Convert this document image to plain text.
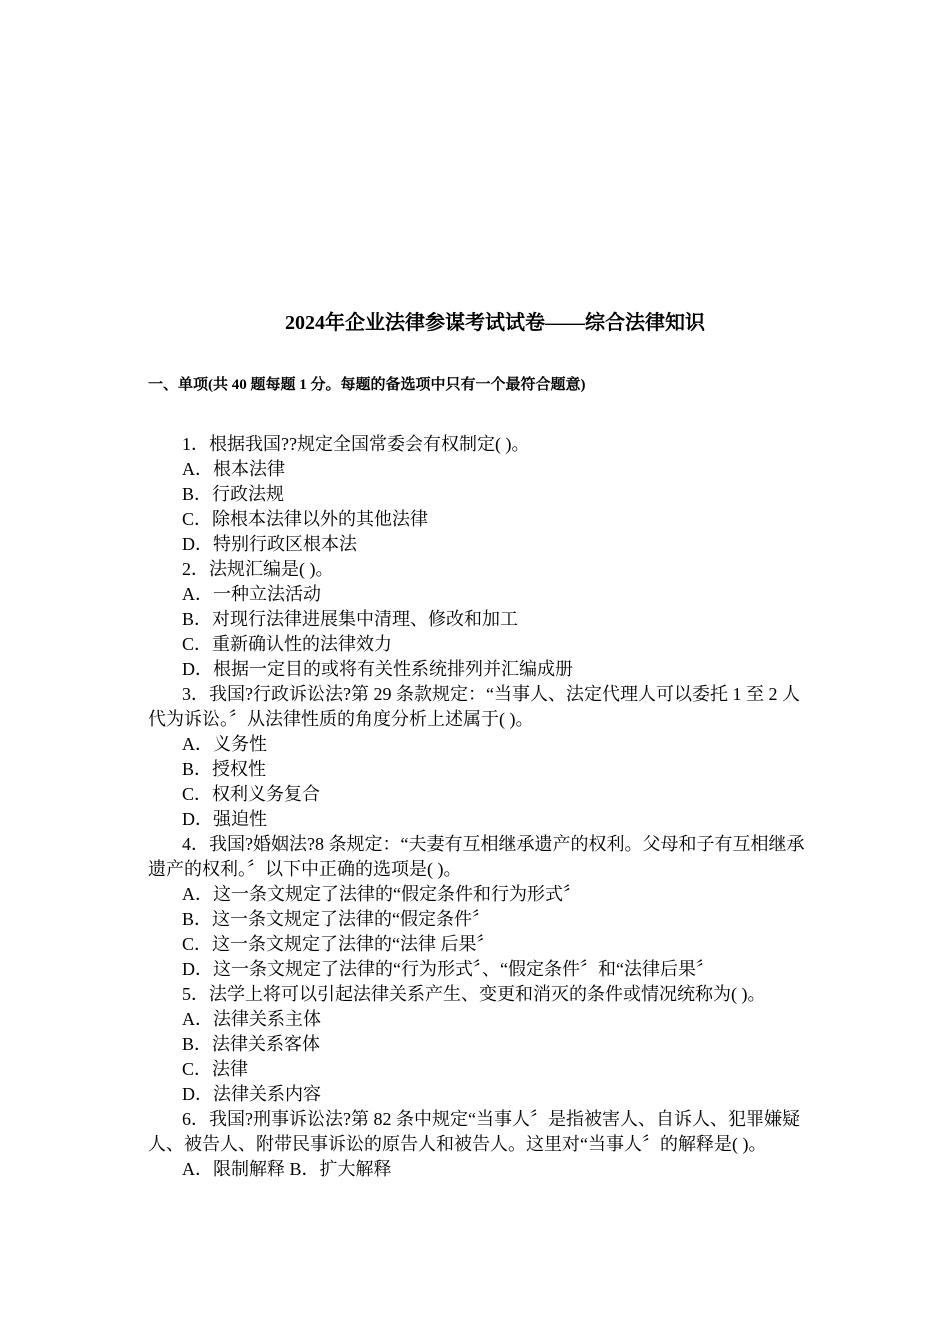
2024年企业法律参谋考试试卷——综合法律知识
一、单项(共 40 题每题 1 分。每题的备选项中只有一个最符合题意)

1．根据我国??规定全国常委会有权制定( )。

A．根本法律

B．行政法规

C．除根本法律以外的其他法律

D．特别行政区根本法

2．法规汇编是( )。

A．一种立法活动

B．对现行法律进展集中清理、修改和加工

C．重新确认性的法律效力

D．根据一定目的或将有关性系统排列并汇编成册

3．我国?行政诉讼法?第 29 条款规定：“当事人、法定代理人可以委托 1 至 2 人代为诉讼。〞从法律性质的角度分析上述属于( )。

A．义务性

B．授权性

C．权利义务复合

D．强迫性

4．我国?婚姻法?8 条规定：“夫妻有互相继承遗产的权利。父母和子有互相继承遗产的权利。〞以下中正确的选项是( )。

A．这一条文规定了法律的“假定条件和行为形式〞

B．这一条文规定了法律的“假定条件〞

C．这一条文规定了法律的“法律 后果〞

D．这一条文规定了法律的“行为形式〞、“假定条件〞和“法律后果〞

5．法学上将可以引起法律关系产生、变更和消灭的条件或情况统称为( )。

A．法律关系主体

B．法律关系客体

C．法律

D．法律关系内容

6．我国?刑事诉讼法?第 82 条中规定“当事人〞是指被害人、自诉人、犯罪嫌疑人、被告人、附带民事诉讼的原告人和被告人。这里对“当事人〞的解释是( )。

A．限制解释 B．扩大解释
